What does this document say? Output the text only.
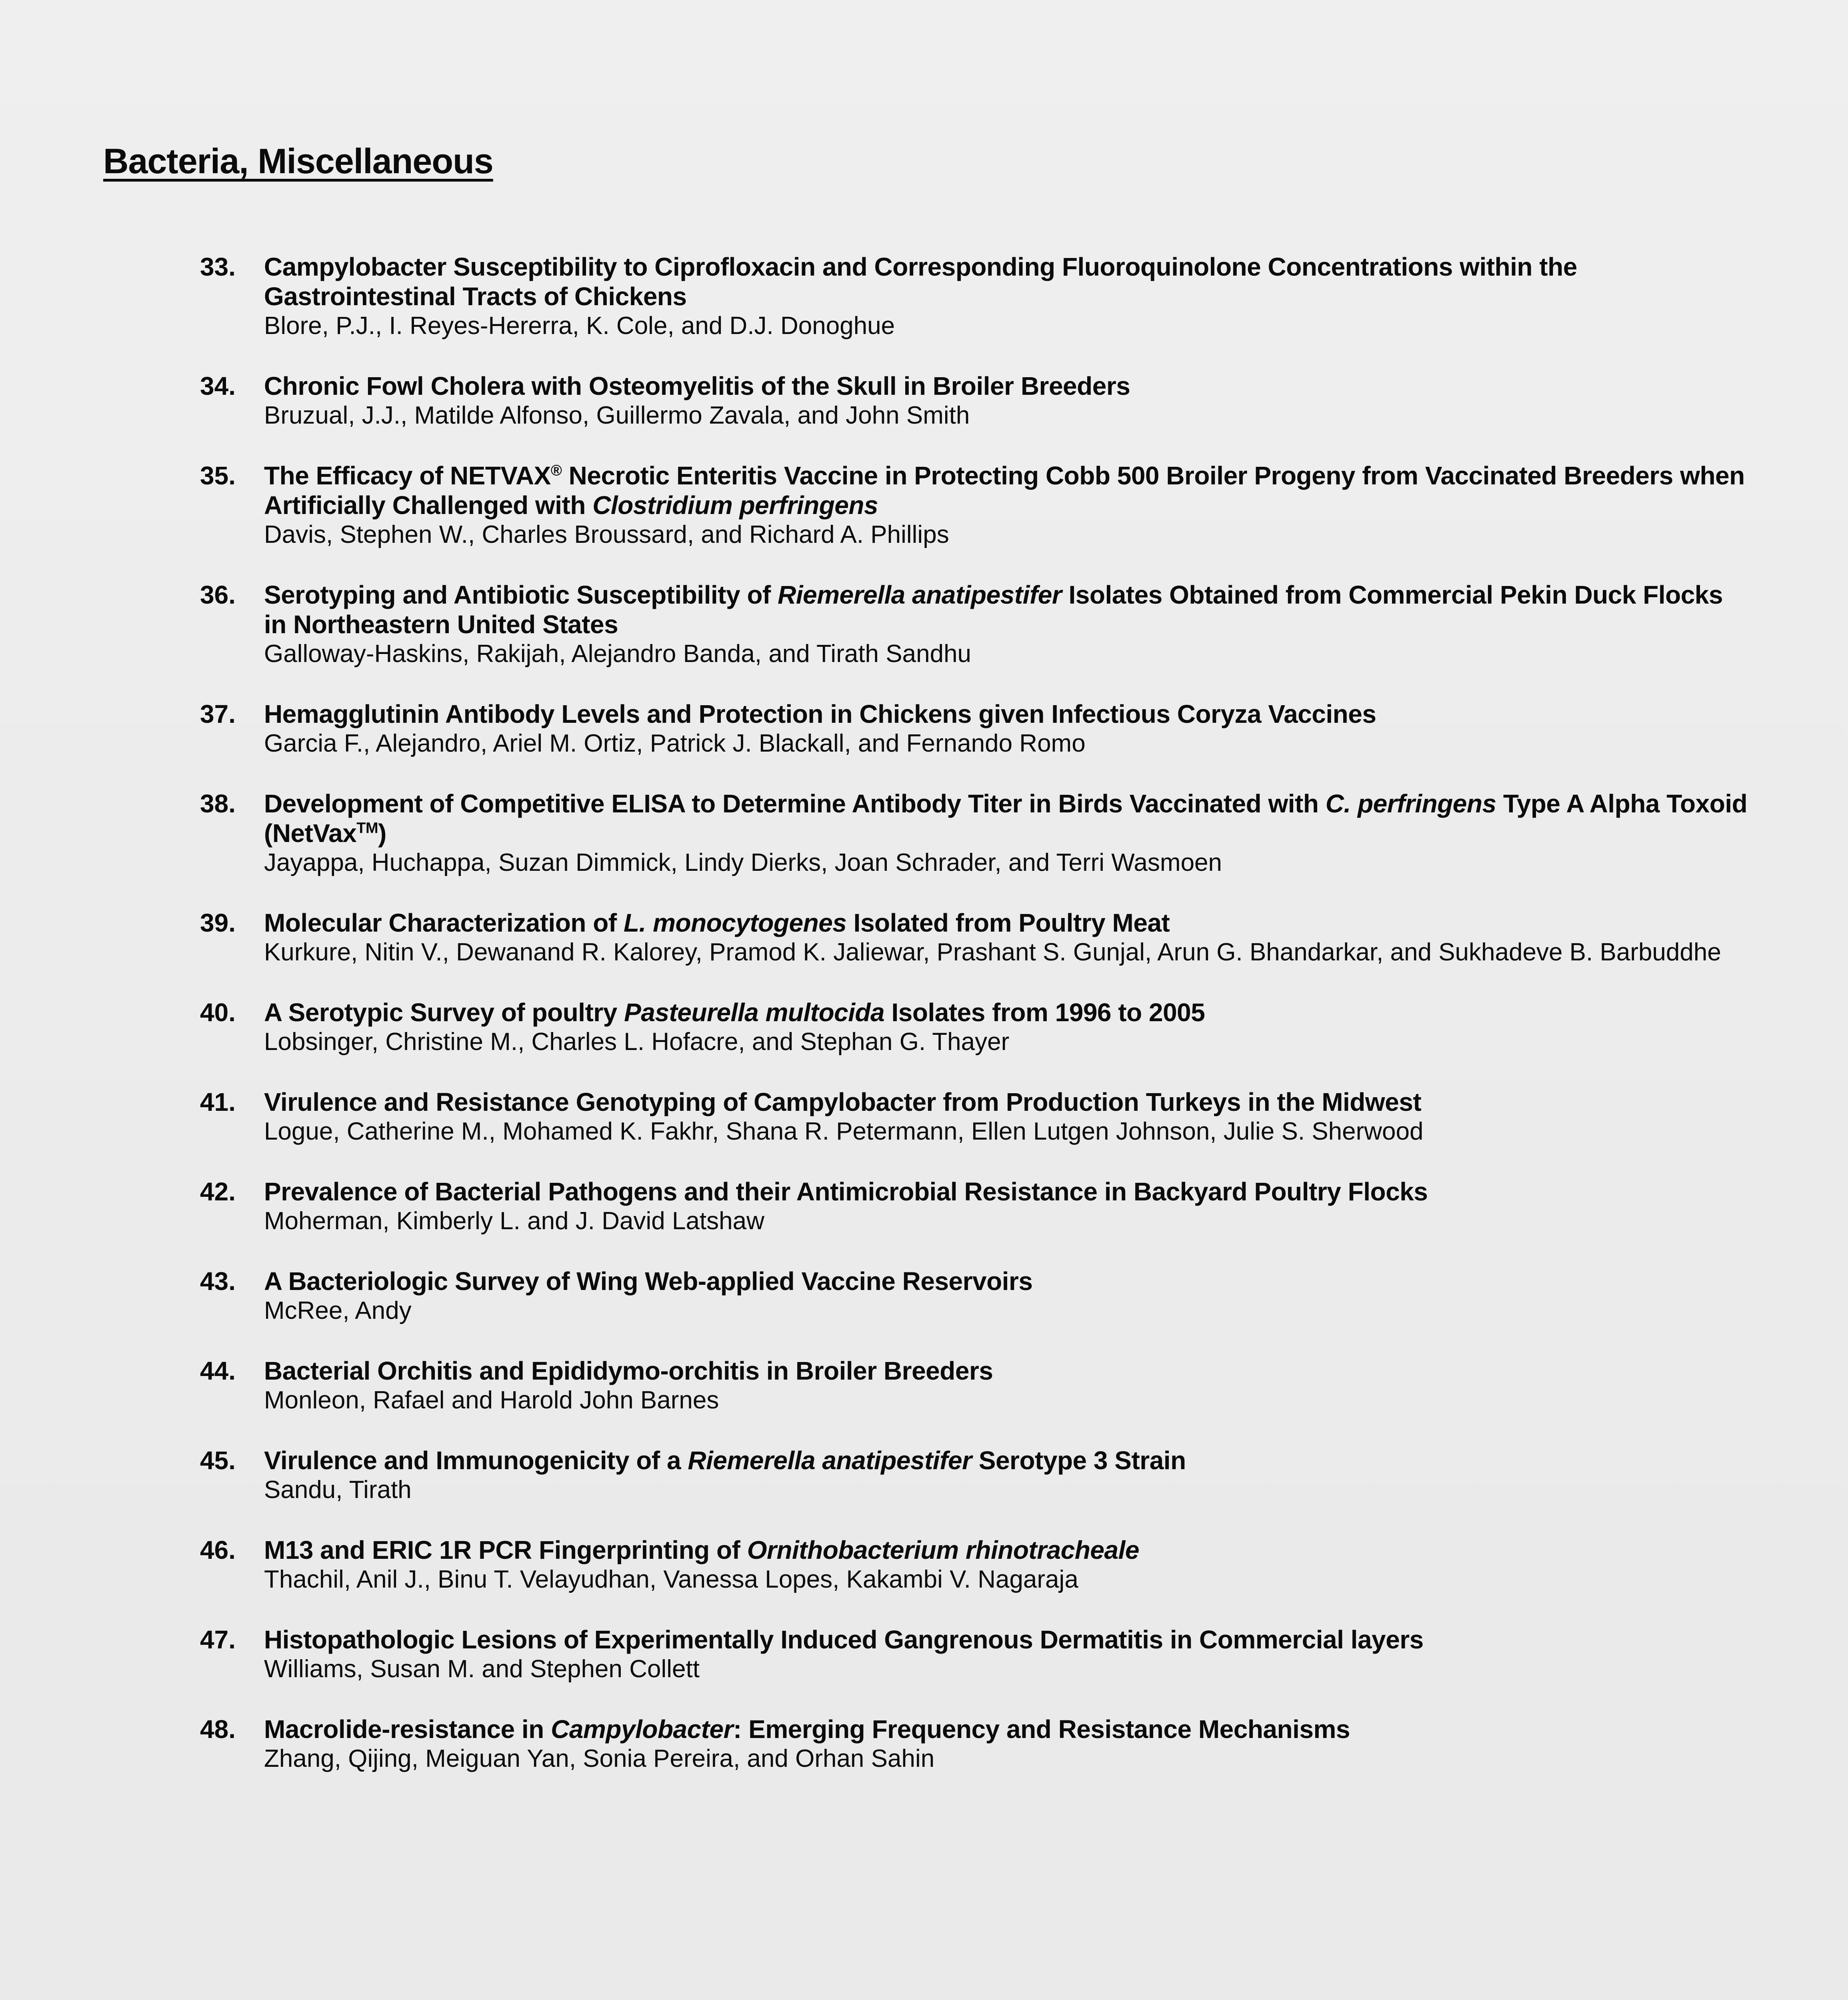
Bacteria, Miscellaneous
33.	Campylobacter Susceptibility to Ciprofloxacin and Corresponding Fluoroquinolone Concentrations within the Gastrointestinal Tracts of Chickens
Blore, P.J., I. Reyes-Hererra, K. Cole, and D.J. Donoghue
34.	Chronic Fowl Cholera with Osteomyelitis of the Skull in Broiler Breeders
Bruzual, J.J., Matilde Alfonso, Guillermo Zavala, and John Smith
35.	The Efficacy of NETVAX® Necrotic Enteritis Vaccine in Protecting Cobb 500 Broiler Progeny from Vaccinated Breeders when Artificially Challenged with Clostridium perfringens
Davis, Stephen W., Charles Broussard, and Richard A. Phillips
36.	Serotyping and Antibiotic Susceptibility of Riemerella anatipestifer Isolates Obtained from Commercial Pekin Duck Flocks in Northeastern United States
Galloway-Haskins, Rakijah, Alejandro Banda, and Tirath Sandhu
37.	Hemagglutinin Antibody Levels and Protection in Chickens given Infectious Coryza Vaccines
Garcia F., Alejandro, Ariel M. Ortiz, Patrick J. Blackall, and Fernando Romo
38.	Development of Competitive ELISA to Determine Antibody Titer in Birds Vaccinated with C. perfringens Type A Alpha Toxoid (NetVax™)
Jayappa, Huchappa, Suzan Dimmick, Lindy Dierks, Joan Schrader, and Terri Wasmoen
39.	Molecular Characterization of L. monocytogenes Isolated from Poultry Meat
Kurkure, Nitin V., Dewanand R. Kalorey, Pramod K. Jaliewar, Prashant S. Gunjal, Arun G. Bhandarkar, and Sukhadeve B. Barbuddhe
40.	A Serotypic Survey of poultry Pasteurella multocida Isolates from 1996 to 2005
Lobsinger, Christine M., Charles L. Hofacre, and Stephan G. Thayer
41.	Virulence and Resistance Genotyping of Campylobacter from Production Turkeys in the Midwest
Logue, Catherine M., Mohamed K. Fakhr, Shana R. Petermann, Ellen Lutgen Johnson, Julie S. Sherwood
42.	Prevalence of Bacterial Pathogens and their Antimicrobial Resistance in Backyard Poultry Flocks
Moherman, Kimberly L. and J. David Latshaw
43.	A Bacteriologic Survey of Wing Web-applied Vaccine Reservoirs
McRee, Andy
44.	Bacterial Orchitis and Epididymo-orchitis in Broiler Breeders
Monleon, Rafael and Harold John Barnes
45.	Virulence and Immunogenicity of a Riemerella anatipestifer Serotype 3 Strain
Sandu, Tirath
46.	M13 and ERIC 1R PCR Fingerprinting of Ornithobacterium rhinotracheale
Thachil, Anil J., Binu T. Velayudhan, Vanessa Lopes, Kakambi V. Nagaraja
47.	Histopathologic Lesions of Experimentally Induced Gangrenous Dermatitis in Commercial layers
Williams, Susan M. and Stephen Collett
48.	Macrolide-resistance in Campylobacter: Emerging Frequency and Resistance Mechanisms
Zhang, Qijing, Meiguan Yan, Sonia Pereira, and Orhan Sahin
